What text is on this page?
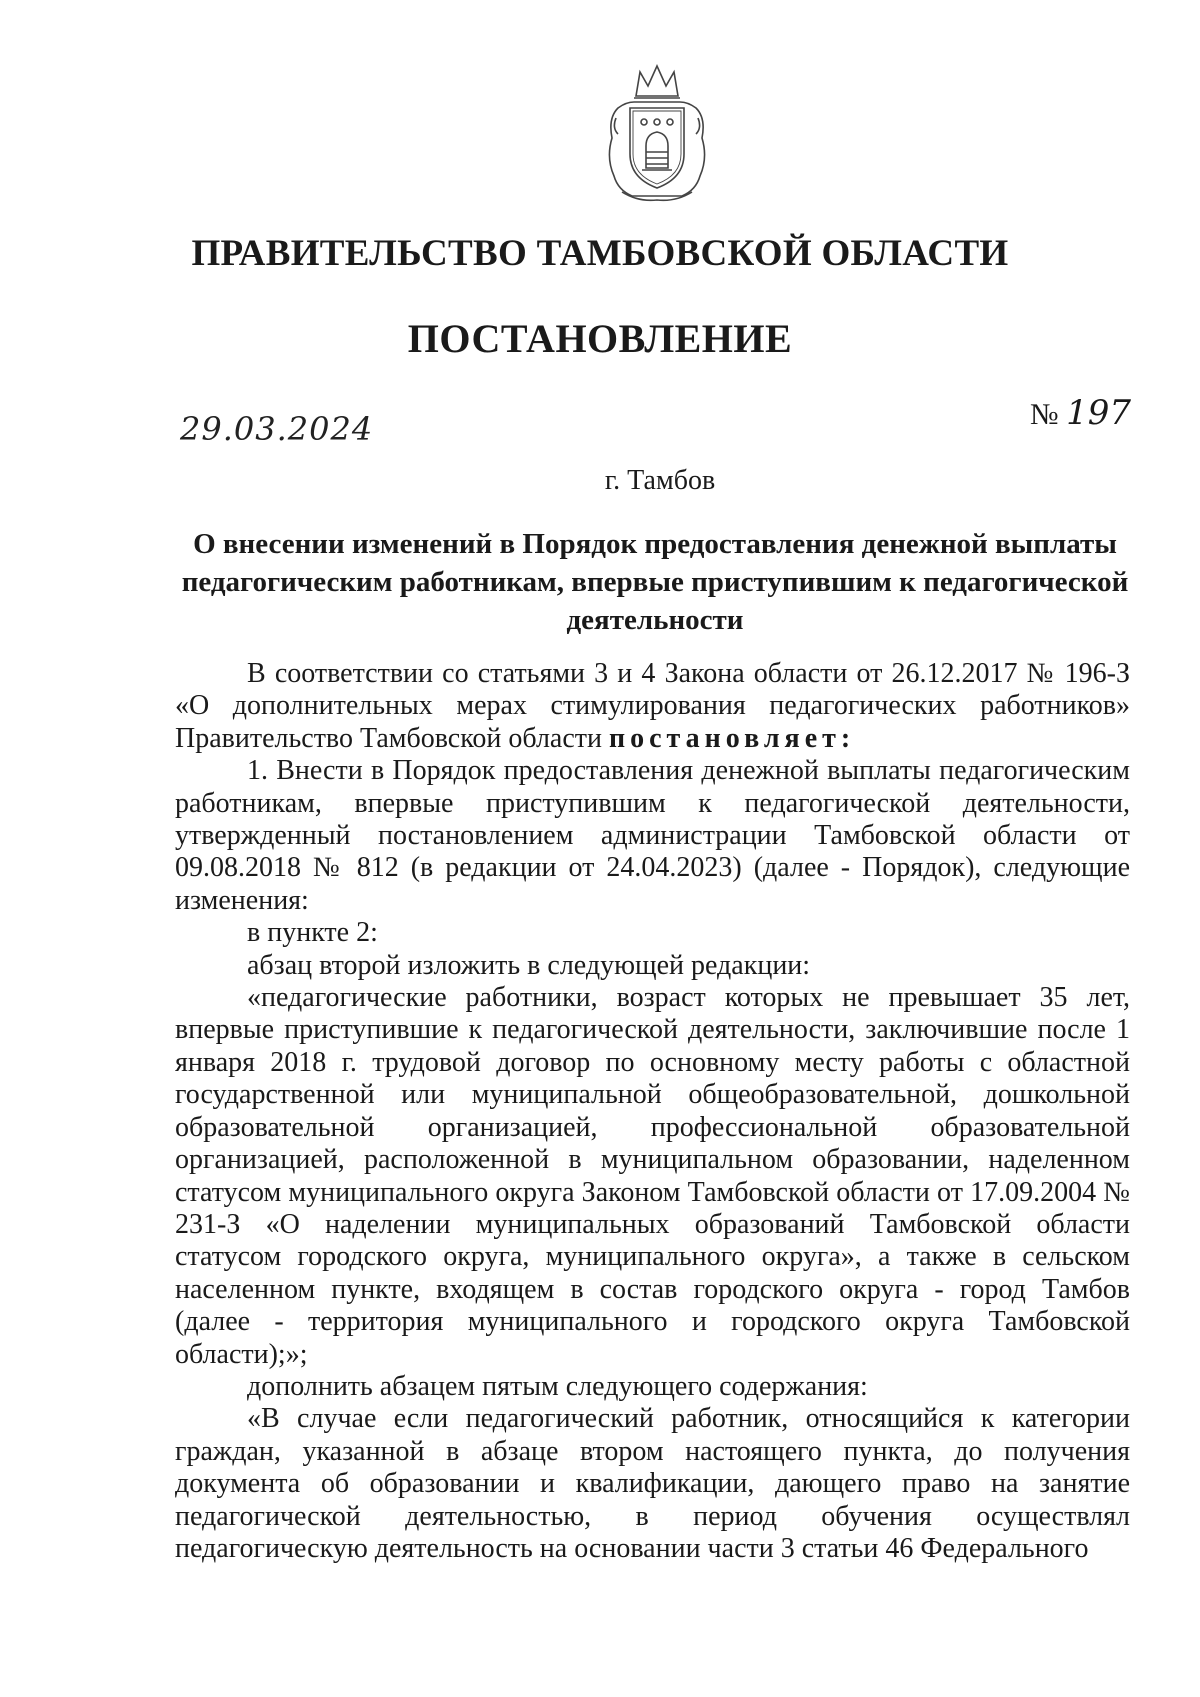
ПРАВИТЕЛЬСТВО ТАМБОВСКОЙ ОБЛАСТИ
ПОСТАНОВЛЕНИЕ
29.03.2024	№ 197
г. Тамбов
О внесении изменений в Порядок предоставления денежной выплаты педагогическим работникам, впервые приступившим к педагогической деятельности

В соответствии со статьями 3 и 4 Закона области от 26.12.2017 № 196-З «О дополнительных мерах стимулирования педагогических работников» Правительство Тамбовской области постановляет:

1. Внести в Порядок предоставления денежной выплаты педагогическим работникам, впервые приступившим к педагогической деятельности, утвержденный постановлением администрации Тамбовской области от 09.08.2018 № 812 (в редакции от 24.04.2023) (далее - Порядок), следующие изменения:

в пункте 2:

абзац второй изложить в следующей редакции:

«педагогические работники, возраст которых не превышает 35 лет, впервые приступившие к педагогической деятельности, заключившие после 1 января 2018 г. трудовой договор по основному месту работы с областной государственной или муниципальной общеобразовательной, дошкольной образовательной организацией, профессиональной образовательной организацией, расположенной в муниципальном образовании, наделенном статусом муниципального округа Законом Тамбовской области от 17.09.2004 № 231-З «О наделении муниципальных образований Тамбовской области статусом городского округа, муниципального округа», а также в сельском населенном пункте, входящем в состав городского округа - город Тамбов (далее - территория муниципального и городского округа Тамбовской области);»;

дополнить абзацем пятым следующего содержания:

«В случае если педагогический работник, относящийся к категории граждан, указанной в абзаце втором настоящего пункта, до получения документа об образовании и квалификации, дающего право на занятие педагогической деятельностью, в период обучения осуществлял педагогическую деятельность на основании части 3 статьи 46 Федерального
